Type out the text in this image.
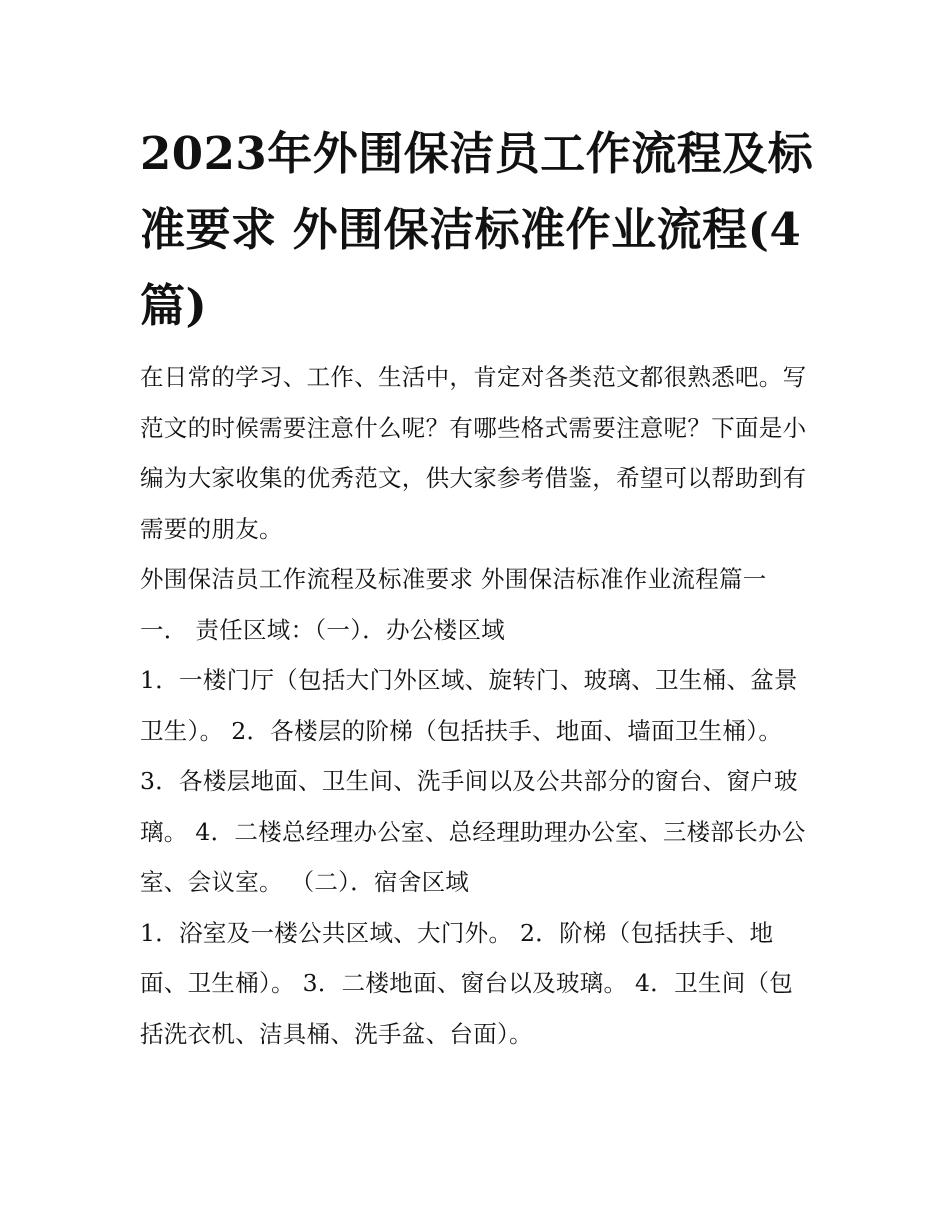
2023年外围保洁员工作流程及标准要求 外围保洁标准作业流程(4篇)

在日常的学习、工作、生活中，肯定对各类范文都很熟悉吧。写范文的时候需要注意什么呢？有哪些格式需要注意呢？下面是小编为大家收集的优秀范文，供大家参考借鉴，希望可以帮助到有需要的朋友。

外围保洁员工作流程及标准要求 外围保洁标准作业流程篇一

一． 责任区域：（一）．办公楼区域

1．一楼门厅（包括大门外区域、旋转门、玻璃、卫生桶、盆景卫生）。 2．各楼层的阶梯（包括扶手、地面、墙面卫生桶）。

3．各楼层地面、卫生间、洗手间以及公共部分的窗台、窗户玻璃。 4．二楼总经理办公室、总经理助理办公室、三楼部长办公室、会议室。 （二）．宿舍区域

1．浴室及一楼公共区域、大门外。 2．阶梯（包括扶手、地面、卫生桶）。 3．二楼地面、窗台以及玻璃。 4．卫生间（包括洗衣机、洁具桶、洗手盆、台面）。
